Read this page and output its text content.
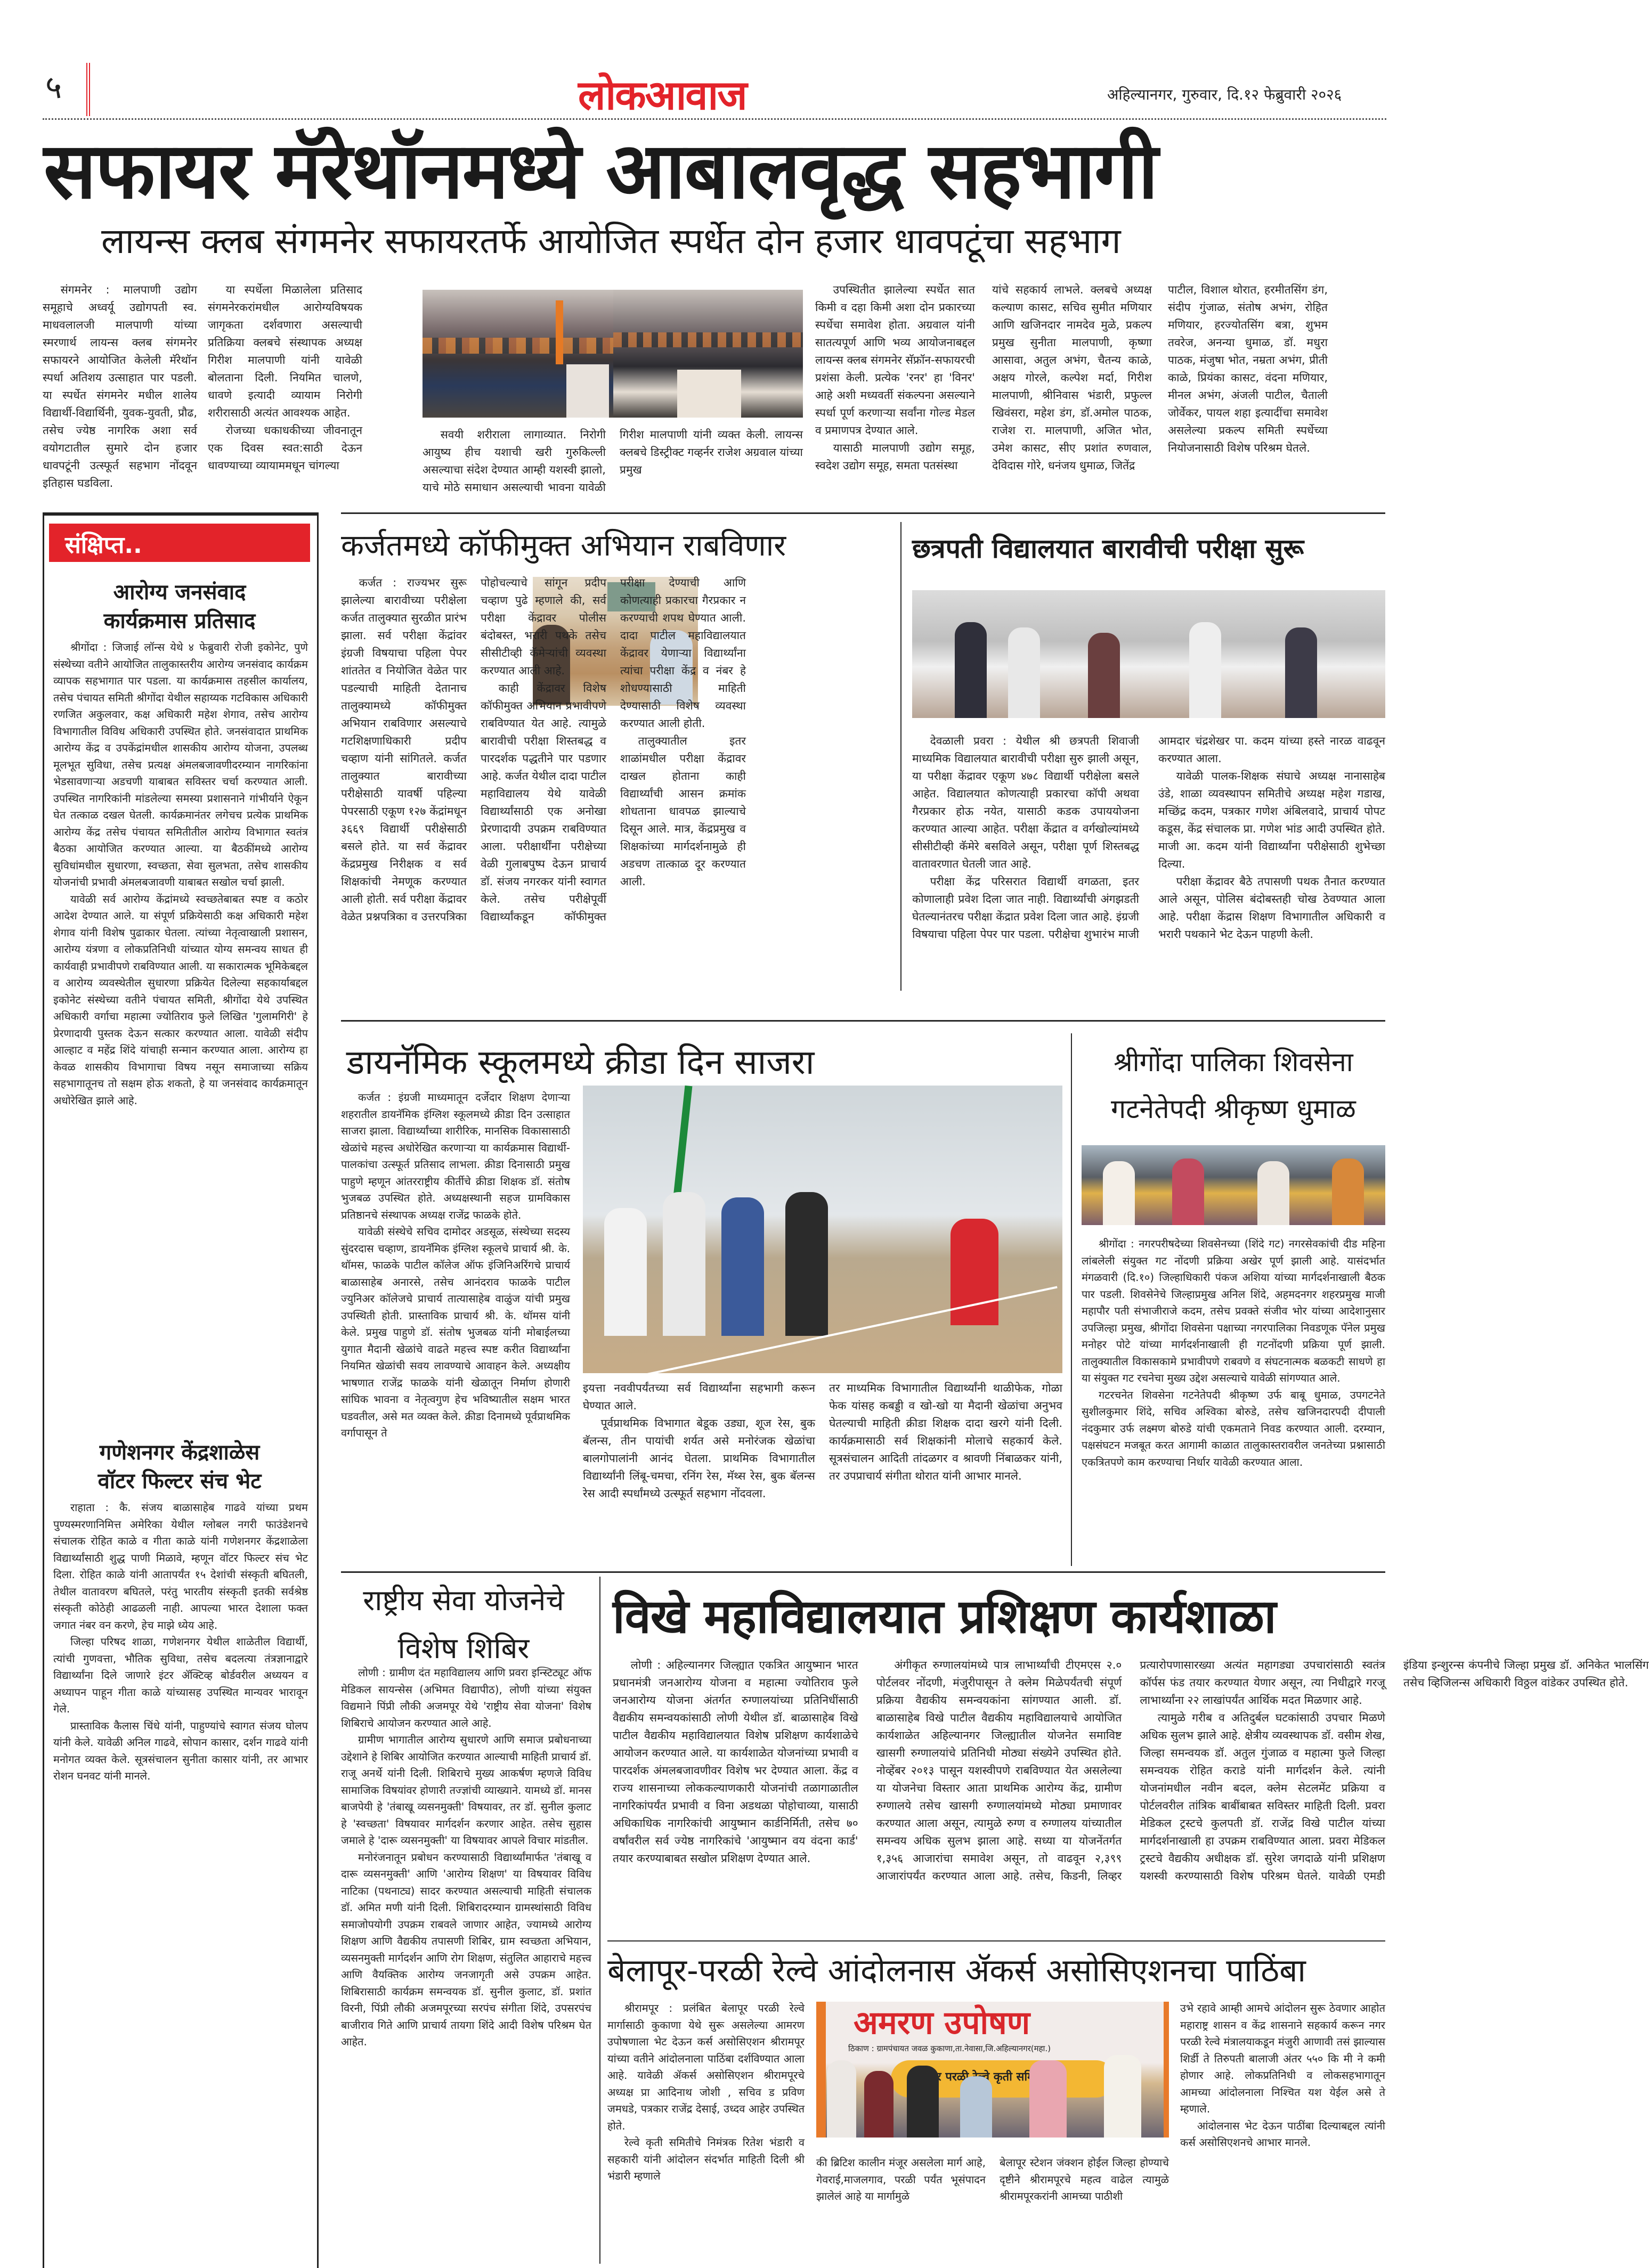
५	लोकआवाज	अहिल्यानगर, गुरुवार, दि.१२ फेब्रुवारी २०२६
सफायर मॅरेथॉनमध्ये आबालवृद्ध सहभागी
लायन्स क्लब संगमनेर सफायरतर्फे आयोजित स्पर्धेत दोन हजार धावपटूंचा सहभाग

संगमनेर : मालपाणी उद्योग समूहाचे अध्वर्यू उद्योगपती स्व. माधवलालजी मालपाणी यांच्या स्मरणार्थ लायन्स क्लब संगमनेर सफायरने आयोजित केलेली मॅरेथॉन स्पर्धा अतिशय उत्साहात पार पडली. या स्पर्धेत संगमनेर मधील शालेय विद्यार्थी-विद्यार्थिनी, युवक-युवती, प्रौढ, तसेच ज्येष्ठ नागरिक अशा सर्व वयोगटातील सुमारे दोन हजार धावपटूंनी उत्स्फूर्त सहभाग नोंदवून इतिहास घडविला.

या स्पर्धेला मिळालेला प्रतिसाद संगमनेरकरांमधील आरोग्यविषयक जागृकता दर्शवणारा असल्याची प्रतिक्रिया क्लबचे संस्थापक अध्यक्ष गिरीश मालपाणी यांनी यावेळी बोलताना दिली. नियमित चालणे, धावणे इत्यादी व्यायाम निरोगी शरीरासाठी अत्यंत आवश्यक आहेत.

रोजच्या धकाधकीच्या जीवनातून एक दिवस स्वत:साठी देऊन धावण्याच्या व्यायाममधून चांगल्या

सवयी शरीराला लागाव्यात. निरोगी आयुष्य हीच यशाची खरी गुरुकिल्ली असल्याचा संदेश देण्यात आम्ही यशस्वी झालो, याचे मोठे समाधान असल्याची भावना यावेळी गिरीश मालपाणी यांनी व्यक्त केली. लायन्स क्लबचे डिस्ट्रीक्ट गव्हर्नर राजेश अग्रवाल यांच्या प्रमुख

उपस्थितीत झालेल्या स्पर्धेत सात किमी व दहा किमी अशा दोन प्रकारच्या स्पर्धेचा समावेश होता. अग्रवाल यांनी सातत्यपूर्ण आणि भव्य आयोजनाबद्दल लायन्स क्लब संगमनेर सॅफ्रॉन-सफायरची प्रशंसा केली. प्रत्येक 'रनर' हा 'विनर' आहे अशी मध्यवर्ती संकल्पना असल्याने स्पर्धा पूर्ण करणार्‍या सर्वांना गोल्ड मेडल व प्रमाणपत्र देण्यात आले.

यासाठी मालपाणी उद्योग समूह, स्वदेश उद्योग समूह, समता पतसंस्था

यांचे सहकार्य लाभले. क्लबचे अध्यक्ष कल्याण कासट, सचिव सुमीत मणियार आणि खजिनदार नामदेव मुळे, प्रकल्प प्रमुख सुनीता मालपाणी, कृष्णा आसावा, अतुल अभंग, चैतन्य काळे, अक्षय गोरले, कल्पेश मर्दा, गिरीश मालपाणी, श्रीनिवास भंडारी, प्रफुल्ल खिवंसरा, महेश डंग, डॉ.अमोल पाठक, राजेश रा. मालपाणी, अजित भोत, उमेश कासट, सीए प्रशांत रुणवाल, देविदास गोरे, धनंजय धुमाळ, जितेंद्र

पाटील, विशाल थोरात, हरमीतसिंग डंग, संदीप गुंजाळ, संतोष अभंग, रोहित मणियार, हरज्योतसिंग बत्रा, शुभम तवरेज, अनन्या धुमाळ, डॉ. मधुरा पाठक, मंजुषा भोत, नम्रता अभंग, प्रीती काळे, प्रियंका कासट, वंदना मणियार, मीनल अभंग, अंजली पाटील, चैताली जोर्वेकर, पायल शहा इत्यादींचा समावेश असलेल्या प्रकल्प समिती स्पर्धेच्या नियोजनासाठी विशेष परिश्रम घेतले.

संक्षिप्त..
आरोग्य जनसंवाद
कार्यक्रमास प्रतिसाद

श्रीगोंदा : जिजाई लॉन्स येथे ४ फेब्रुवारी रोजी इकोनेट, पुणे संस्थेच्या वतीने आयोजित तालुकास्तरीय आरोग्य जनसंवाद कार्यक्रम व्यापक सहभागात पार पडला. या कार्यक्रमास तहसील कार्यालय, तसेच पंचायत समिती श्रीगोंदा येथील सहाय्यक गटविकास अधिकारी रणजित अकुलवार, कक्ष अधिकारी महेश शेगाव, तसेच आरोग्य विभागातील विविध अधिकारी उपस्थित होते. जनसंवादात प्राथमिक आरोग्य केंद्र व उपकेंद्रांमधील शासकीय आरोग्य योजना, उपलब्ध मूलभूत सुविधा, तसेच प्रत्यक्ष अंमलबजावणीदरम्यान नागरिकांना भेडसावणाऱ्या अडचणी याबाबत सविस्तर चर्चा करण्यात आली. उपस्थित नागरिकांनी मांडलेल्या समस्या प्रशासनाने गांभीर्याने ऐकून घेत तत्काळ दखल घेतली. कार्यक्रमानंतर लगेचच प्रत्येक प्राथमिक आरोग्य केंद्र तसेच पंचायत समितीतील आरोग्य विभागात स्वतंत्र बैठका आयोजित करण्यात आल्या. या बैठकींमध्ये आरोग्य सुविधांमधील सुधारणा, स्वच्छता, सेवा सुलभता, तसेच शासकीय योजनांची प्रभावी अंमलबजावणी याबाबत सखोल चर्चा झाली.

यावेळी सर्व आरोग्य केंद्रांमध्ये स्वच्छतेबाबत स्पष्ट व कठोर आदेश देण्यात आले. या संपूर्ण प्रक्रियेसाठी कक्ष अधिकारी महेश शेगाव यांनी विशेष पुढाकार घेतला. त्यांच्या नेतृत्वाखाली प्रशासन, आरोग्य यंत्रणा व लोकप्रतिनिधी यांच्यात योग्य समन्वय साधत ही कार्यवाही प्रभावीपणे राबविण्यात आली. या सकारात्मक भूमिकेबद्दल व आरोग्य व्यवस्थेतील सुधारणा प्रक्रियेत दिलेल्या सहकार्याबद्दल इकोनेट संस्थेच्या वतीने पंचायत समिती, श्रीगोंदा येथे उपस्थित अधिकारी वर्गाचा महात्मा ज्योतिराव फुले लिखित 'गुलामगिरी' हे प्रेरणादायी पुस्तक देऊन सत्कार करण्यात आला. यावेळी संदीप आल्हाट व महेंद्र शिंदे यांचाही सन्मान करण्यात आला. आरोग्य हा केवळ शासकीय विभागाचा विषय नसून समाजाच्या सक्रिय सहभागातूनच तो सक्षम होऊ शकतो, हे या जनसंवाद कार्यक्रमातून अधोरेखित झाले आहे.

गणेशनगर केंद्रशाळेस
वॉटर फिल्टर संच भेट

राहाता : कै. संजय बाळासाहेब गाढवे यांच्या प्रथम पुण्यस्मरणानिमित्त अमेरिका येथील ग्लोबल नगरी फाउंडेशनचे संचालक रोहित काळे व गीता काळे यांनी गणेशनगर केंद्रशाळेला विद्यार्थ्यांसाठी शुद्ध पाणी मिळावे, म्हणून वॉटर फिल्टर संच भेट दिला. रोहित काळे यांनी आतापर्यंत १५ देशांची संस्कृती बघितली, तेथील वातावरण बघितले, परंतु भारतीय संस्कृती इतकी सर्वश्रेष्ठ संस्कृती कोठेही आढळली नाही. आपल्या भारत देशाला फक्त जगात नंबर वन करणे, हेच माझे ध्येय आहे.

जिल्हा परिषद शाळा, गणेशनगर येथील शाळेतील विद्यार्थी, त्यांची गुणवत्ता, भौतिक सुविधा, तसेच बदलत्या तंत्रज्ञानाद्वारे विद्यार्थ्यांना दिले जाणारे इंटर ॲक्टिव्ह बोर्डवरील अध्ययन व अध्यापन पाहून गीता काळे यांच्यासह उपस्थित मान्यवर भारावून गेले.

प्रास्ताविक कैलास चिंधे यांनी, पाहुण्यांचे स्वागत संजय घोलप यांनी केले. यावेळी अनिल गाढवे, सोपान कासार, दर्शन गाढवे यांनी मनोगत व्यक्त केले. सूत्रसंचालन सुनीता कासार यांनी, तर आभार राेशन घनवट यांनी मानले.

कर्जतमध्ये कॉफीमुक्त अभियान राबविणार

कर्जत : राज्यभर सुरू झालेल्या बारावीच्या परीक्षेला कर्जत तालुक्यात सुरळीत प्रारंभ झाला. सर्व परीक्षा केंद्रांवर इंग्रजी विषयाचा पहिला पेपर शांततेत व नियोजित वेळेत पार पडल्याची माहिती देतानाच तालुक्यामध्ये कॉफीमुक्त अभियान राबविणार असल्याचे गटशिक्षणाधिकारी प्रदीप चव्हाण यांनी सांगितले. कर्जत तालुक्यात बारावीच्या परीक्षेसाठी यावर्षी पहिल्या पेपरसाठी एकूण १२७ केंद्रांमधून ३६६९ विद्यार्थी परीक्षेसाठी बसले होते. या सर्व केंद्रावर केंद्रप्रमुख निरीक्षक व सर्व शिक्षकांची नेमणूक करण्यात आली होती. सर्व परीक्षा केंद्रावर वेळेत प्रश्नपत्रिका व उत्तरपत्रिका पोहोचल्याचे सांगून प्रदीप चव्हाण पुढे म्हणाले की, सर्व परीक्षा केंद्रावर पोलीस बंदोबस्त, भरारी पथके तसेच सीसीटीव्ही कॅमेऱ्यांची व्यवस्था करण्यात आली आहे.

काही केंद्रावर विशेष कॉफीमुक्त अभियान प्रभावीपणे राबविण्यात येत आहे. त्यामुळे बारावीची परीक्षा शिस्तबद्ध व पारदर्शक पद्धतीने पार पडणार आहे. कर्जत येथील दादा पाटील महाविद्यालय येथे यावेळी विद्यार्थ्यांसाठी एक अनोखा प्रेरणादायी उपक्रम राबविण्यात आला. परीक्षार्थींना परीक्षेच्या वेळी गुलाबपुष्प देऊन प्राचार्य डॉ. संजय नगरकर यांनी स्वागत केले. तसेच परीक्षेपूर्वी विद्यार्थ्यांकडून कॉफीमुक्त परीक्षा देण्याची आणि कोणत्याही प्रकारचा गैरप्रकार न करण्याची शपथ घेण्यात आली. दादा पाटील महाविद्यालयात केंद्रावर येणाऱ्या विद्यार्थ्यांना त्यांचा परीक्षा केंद्र व नंबर हे शोधण्यासाठी माहिती देण्यासाठी विशेष व्यवस्था करण्यात आली होती.

तालुक्यातील इतर शाळांमधील परीक्षा केंद्रावर दाखल होताना काही विद्यार्थ्यांची आसन क्रमांक शोधताना धावपळ झाल्याचे दिसून आले. मात्र, केंद्रप्रमुख व शिक्षकांच्या मार्गदर्शनामुळे ही अडचण तात्काळ दूर करण्यात आली.

छत्रपती विद्यालयात बारावीची परीक्षा सुरू

देवळाली प्रवरा : येथील श्री छत्रपती शिवाजी माध्यमिक विद्यालयात बारावीची परीक्षा सुरु झाली असून, या परीक्षा केंद्रावर एकूण ४७८ विद्यार्थी परीक्षेला बसले आहेत. विद्यालयात कोणत्याही प्रकारचा कॉपी अथवा गैरप्रकार होऊ नयेत, यासाठी कडक उपाययोजना करण्यात आल्या आहेत. परीक्षा केंद्रात व वर्गखोल्यांमध्ये सीसीटीव्ही कॅमेरे बसविले असून, परीक्षा पूर्ण शिस्तबद्ध वातावरणात घेतली जात आहे.

परीक्षा केंद्र परिसरात विद्यार्थी वगळता, इतर कोणालाही प्रवेश दिला जात नाही. विद्यार्थ्यांची अंगझडती घेतल्यानंतरच परीक्षा केंद्रात प्रवेश दिला जात आहे. इंग्रजी विषयाचा पहिला पेपर पार पडला. परीक्षेचा शुभारंभ माजी आमदार चंद्रशेखर पा. कदम यांच्या हस्ते नारळ वाढवून करण्यात आला.

यावेळी पालक-शिक्षक संघाचे अध्यक्ष नानासाहेब उंडे, शाळा व्यवस्थापन समितीचे अध्यक्ष महेश गडाख, मच्छिंद्र कदम, पत्रकार गणेश अंबिलवादे, प्राचार्य पोपट कडूस, केंद्र संचालक प्रा. गणेश भांड आदी उपस्थित होते. माजी आ. कदम यांनी विद्यार्थ्यांना परीक्षेसाठी शुभेच्छा दिल्या.

परीक्षा केंद्रावर बैठे तपासणी पथक तैनात करण्यात आले असून, पोलिस बंदोबस्तही चोख ठेवण्यात आला आहे. परीक्षा केंद्रास शिक्षण विभागातील अधिकारी व भरारी पथकाने भेट देऊन पाहणी केली.

डायनॅमिक स्कूलमध्ये क्रीडा दिन साजरा

कर्जत : इंग्रजी माध्यमातून दर्जेदार शिक्षण देणाऱ्या शहरातील डायनॅमिक इंग्लिश स्कूलमध्ये क्रीडा दिन उत्साहात साजरा झाला. विद्यार्थ्यांच्या शारीरिक, मानसिक विकासासाठी खेळांचे महत्त्व अधोरेखित करणाऱ्या या कार्यक्रमास विद्यार्थी-पालकांचा उत्स्फूर्त प्रतिसाद लाभला. क्रीडा दिनासाठी प्रमुख पाहुणे म्हणून आंतरराष्ट्रीय कीर्तीचे क्रीडा शिक्षक डॉ. संतोष भुजबळ उपस्थित होते. अध्यक्षस्थानी सहज ग्रामविकास प्रतिष्ठानचे संस्थापक अध्यक्ष राजेंद्र फाळके होते.

यावेळी संस्थेचे सचिव दामोदर अडसूळ, संस्थेच्या सदस्य सुंदरदास चव्हाण, डायनॅमिक इंग्लिश स्कूलचे प्राचार्य श्री. के. थॉमस, फाळके पाटील कॉलेज ऑफ इंजिनिअरिंगचे प्राचार्य बाळासाहेब अनारसे, तसेच आनंदराव फाळके पाटील ज्युनिअर कॉलेजचे प्राचार्य तात्यासाहेब वाळुंज यांची प्रमुख उपस्थिती होती. प्रास्ताविक प्राचार्य श्री. के. थॉमस यांनी केले. प्रमुख पाहुणे डॉ. संतोष भुजबळ यांनी मोबाईलच्या युगात मैदानी खेळांचे वाढते महत्त्व स्पष्ट करीत विद्यार्थ्यांना नियमित खेळांची सवय लावण्याचे आवाहन केले. अध्यक्षीय भाषणात राजेंद्र फाळके यांनी खेळातून निर्माण होणारी सांघिक भावना व नेतृत्वगुण हेच भविष्यातील सक्षम भारत घडवतील, असे मत व्यक्त केले. क्रीडा दिनामध्ये पूर्वप्राथमिक वर्गापासून ते

इयत्ता नववीपर्यंतच्या सर्व विद्यार्थ्यांना सहभागी करून घेण्यात आले.

पूर्वप्राथमिक विभागात बेडूक उड्या, शूज रेस, बुक बॅलन्स, तीन पायांची शर्यत असे मनोरंजक खेळांचा बालगोपालांनी आनंद घेतला. प्राथमिक विभागातील विद्यार्थ्यांनी लिंबू-चमचा, रनिंग रेस, मॅथ्स रेस, बुक बॅलन्स रेस आदी स्पर्धांमध्ये उत्स्फूर्त सहभाग नोंदवला.

तर माध्यमिक विभागातील विद्यार्थ्यांनी थाळीफेक, गोळा फेक यांसह कबड्डी व खो-खो या मैदानी खेळांचा अनुभव घेतल्याची माहिती क्रीडा शिक्षक दादा खरगे यांनी दिली. कार्यक्रमासाठी सर्व शिक्षकांनी मोलाचे सहकार्य केले. सूत्रसंचालन आदिती तांदळगर व श्रावणी निंबाळकर यांनी, तर उपप्राचार्य संगीता थोरात यांनी आभार मानले.

श्रीगोंदा पालिका शिवसेना
गटनेतेपदी श्रीकृष्ण धुमाळ

श्रीगोंदा : नगरपरीषदेच्या शिवसेनच्या (शिंदे गट) नगरसेवकांची दीड महिना लांबलेली संयुक्त गट नोंदणी प्रक्रिया अखेर पूर्ण झाली आहे. यासंदर्भात मंगळवारी (दि.१०) जिल्हाधिकारी पंकज अशिया यांच्या मार्गदर्शनाखाली बैठक पार पडली. शिवसेनेचे जिल्हाप्रमुख अनिल शिंदे, अहमदनगर शहरप्रमुख माजी महापौर पती संभाजीराजे कदम, तसेच प्रवक्ते संजीव भोर यांच्या आदेशानुसार उपजिल्हा प्रमुख, श्रीगोंदा शिवसेना पक्षाच्या नगरपालिका निवडणूक पॅनेल प्रमुख मनोहर पोटे यांच्या मार्गदर्शनाखाली ही गटनोंदणी प्रक्रिया पूर्ण झाली. तालुक्यातील विकासकामे प्रभावीपणे राबवणे व संघटनात्मक बळकटी साधणे हा या संयुक्त गट रचनेचा मुख्य उद्देश असल्याचे यावेळी सांगण्यात आले.

गटरचनेत शिवसेना गटनेतेपदी श्रीकृष्ण उर्फ बाबू धुमाळ, उपगटनेते सुशीलकुमार शिंदे, सचिव अश्विका बोरुडे, तसेच खजिनदारपदी दीपाली नंदकुमार उर्फ लक्ष्मण बोरुडे यांची एकमताने निवड करण्यात आली. दरम्यान, पक्षसंघटन मजबूत करत आगामी काळात तालुकास्तरावरील जनतेच्या प्रश्नासाठी एकत्रितपणे काम करण्याचा निर्धार यावेळी करण्यात आला.

राष्ट्रीय सेवा योजनेचे
विशेष शिबिर

लोणी : ग्रामीण दंत महाविद्यालय आणि प्रवरा इन्स्टिट्यूट ऑफ मेडिकल सायन्सेस (अभिमत विद्यापीठ), लोणी यांच्या संयुक्त विद्यमाने पिंप्री लौकी अजमपूर येथे 'राष्ट्रीय सेवा योजना' विशेष शिबिराचे आयोजन करण्यात आले आहे.

ग्रामीण भागातील आरोग्य सुधारणे आणि समाज प्रबोधनाच्या उद्देशाने हे शिबिर आयोजित करण्यात आल्याची माहिती प्राचार्य डॉ. राजू अनर्थे यांनी दिली. शिबिराचे मुख्य आकर्षण म्हणजे विविध सामाजिक विषयांवर होणारी तज्ज्ञांची व्याख्याने. यामध्ये डॉ. मानस बाजपेयी हे 'तंबाखू व्यसनमुक्ती' विषयावर, तर डॉ. सुनील कुलाट हे 'स्वच्छता' विषयावर मार्गदर्शन करणार आहेत. तसेच सुहास जमाले हे 'दारू व्यसनमुक्ती' या विषयावर आपले विचार मांडतील.

मनोरंजनातून प्रबोधन करण्यासाठी विद्यार्थ्यांमार्फत 'तंबाखू व दारू व्यसनमुक्ती' आणि 'आरोग्य शिक्षण' या विषयावर विविध नाटिका (पथनाट्य) सादर करण्यात असल्याची माहिती संचालक डॉ. अमित मणी यांनी दिली. शिबिरादरम्यान ग्रामस्थांसाठी विविध समाजोपयोगी उपक्रम राबवले जाणार आहेत, ज्यामध्ये आरोग्य शिक्षण आणि वैद्यकीय तपासणी शिबिर, ग्राम स्वच्छता अभियान, व्यसनमुक्ती मार्गदर्शन आणि रोग शिक्षण, संतुलित आहाराचे महत्त्व आणि वैयक्तिक आरोग्य जनजागृती असे उपक्रम आहेत. शिबिरासाठी कार्यक्रम समन्वयक डॉ. सुनील कुलाट, डॉ. प्रशांत विरनी, पिंप्री लौकी अजमपूरच्या सरपंच संगीता शिंदे, उपसरपंच बाजीराव गिते आणि प्राचार्य तायगा शिंदे आदी विशेष परिश्रम घेत आहेत.

विखे महाविद्यालयात प्रशिक्षण कार्यशाळा

लोणी : अहिल्यानगर जिल्ह्यात एकत्रित आयुष्मान भारत प्रधानमंत्री जनआरोग्य योजना व महात्मा ज्योतिराव फुले जनआरोग्य योजना अंतर्गत रुग्णालयांच्या प्रतिनिधींसाठी वैद्यकीय समन्वयकांसाठी लोणी येथील डॉ. बाळासाहेब विखे पाटील वैद्यकीय महाविद्यालयात विशेष प्रशिक्षण कार्यशाळेचे आयोजन करण्यात आले. या कार्यशाळेत योजनांच्या प्रभावी व पारदर्शक अंमलबजावणीवर विशेष भर देण्यात आला. केंद्र व राज्य शासनाच्या लोककल्याणकारी योजनांची तळागाळातील नागरिकांपर्यंत प्रभावी व विना अडथळा पोहोचाव्या, यासाठी अधिकाधिक नागरिकांची आयुष्मान कार्डनिर्मिती, तसेच ७० वर्षांवरील सर्व ज्येष्ठ नागरिकांचे 'आयुष्मान वय वंदना कार्ड' तयार करण्याबाबत सखोल प्रशिक्षण देण्यात आले.

अंगीकृत रुग्णालयांमध्ये पात्र लाभार्थ्यांची टीएमएस २.० पोर्टलवर नोंदणी, मंजुरीपासून ते क्लेम मिळेपर्यंतची संपूर्ण प्रक्रिया वैद्यकीय समन्वयकांना सांगण्यात आली. डॉ. बाळासाहेब विखे पाटील वैद्यकीय महाविद्यालयाचे आयोजित कार्यशाळेत अहिल्यानगर जिल्ह्यातील योजनेत समाविष्ट खासगी रुग्णालयांचे प्रतिनिधी मोठ्या संख्येने उपस्थित होते. नोव्हेंबर २०१३ पासून यशस्वीपणे राबविण्यात येत असलेल्या या योजनेचा विस्तार आता प्राथमिक आरोग्य केंद्र, ग्रामीण रुग्णालये तसेच खासगी रुग्णालयांमध्ये मोठ्या प्रमाणावर करण्यात आला असून, त्यामुळे रुग्ण व रुग्णालय यांच्यातील समन्वय अधिक सुलभ झाला आहे. सध्या या योजनेंतर्गत १,३५६ आजारांचा समावेश असून, तो वाढवून २,३९९ आजारांपर्यंत करण्यात आला आहे. तसेच, किडनी, लिव्हर प्रत्यारोपणासारख्या अत्यंत महागड्या उपचारांसाठी स्वतंत्र कॉर्पस फंड तयार करण्यात येणार असून, त्या निधीद्वारे गरजू लाभार्थ्यांना २२ लाखांपर्यंत आर्थिक मदत मिळणार आहे.

त्यामुळे गरीब व अतिदुर्बल घटकांसाठी उपचार मिळणे अधिक सुलभ झाले आहे. क्षेत्रीय व्यवस्थापक डॉ. वसीम शेख, जिल्हा समन्वयक डॉ. अतुल गुंजाळ व महात्मा फुले जिल्हा समन्वयक रोहित कराडे यांनी मार्गदर्शन केले. त्यांनी योजनांमधील नवीन बदल, क्लेम सेटलमेंट प्रक्रिया व पोर्टलवरील तांत्रिक बाबींबाबत सविस्तर माहिती दिली. प्रवरा मेडिकल ट्रस्टचे कुलपती डॉ. राजेंद्र विखे पाटील यांच्या मार्गदर्शनाखाली हा उपक्रम राबविण्यात आला. प्रवरा मेडिकल ट्रस्टचे वैद्यकीय अधीक्षक डॉ. सुरेश जगदाळे यांनी प्रशिक्षण यशस्वी करण्यासाठी विशेष परिश्रम घेतले. यावेळी एमडी इंडिया इन्शुरन्स कंपनीचे जिल्हा प्रमुख डॉ. अनिकेत भालसिंग तसेच व्हिजिलन्स अधिकारी विठ्ठल वांडेकर उपस्थित होते.

बेलापूर-परळी रेल्वे आंदोलनास ॲकर्स असोसिएशनचा पाठिंबा
अमरण उपोषण
ठिकाण : ग्रामपंचायत जवळ कुकाणा,ता.नेवासा,जि.अहिल्यानगर(महा.)
परळी कृती

श्रीरामपूर : प्रलंबित बेलापूर परळी रेल्वे मार्गासाठी कुकाणा येथे सुरू असलेल्या आमरण उपोषणाला भेट देऊन कर्स असोसिएशन श्रीरामपूर यांच्या वतीने आंदोलनाला पाठिंबा दर्शविण्यात आला आहे. यावेळी ॲकर्स असोसिएशन श्रीरामपूरचे अध्यक्ष प्रा आदिनाथ जोशी , सचिव ड प्रविण जमधडे, पत्रकार राजेंद्र देसाई, उध्दव आहेर उपस्थित होते.

रेल्वे कृती समितीचे निमंत्रक रितेश भंडारी व सहकारी यांनी आंदोलन संदर्भात माहिती दिली श्री भंडारी म्हणाले

की ब्रिटिश कालीन मंजूर असलेला मार्ग आहे, गेवराई,माजलगाव, परळी पर्यंत भूसंपादन झालेलं आहे या मार्गामुळे

बेलापूर स्टेशन जंक्शन होईल जिल्हा होण्याचे दृष्टीने श्रीरामपूरचे महत्व वाढेल त्यामुळे श्रीरामपूरकरांनी आमच्या पाठीशी

उभे रहावे आम्ही आमचे आंदोलन सुरू ठेवणार आहोत महाराष्ट्र शासन व केंद्र शासनाने सहकार्य करून नगर परळी रेल्वे मंत्रालयाकडून मंजुरी आणावी तसं झाल्यास शिर्डी ते तिरुपती बालाजी अंतर ५५० कि मी ने कमी होणार आहे. लोकप्रतिनिधी व लोकसहभागातून आमच्या आंदोलनाला निश्चित यश येईल असे ते म्हणाले.

आंदोलनास भेट देऊन पाठींबा दिल्याबद्दल त्यांनी कर्स असोसिएशनचे आभार मानले.
